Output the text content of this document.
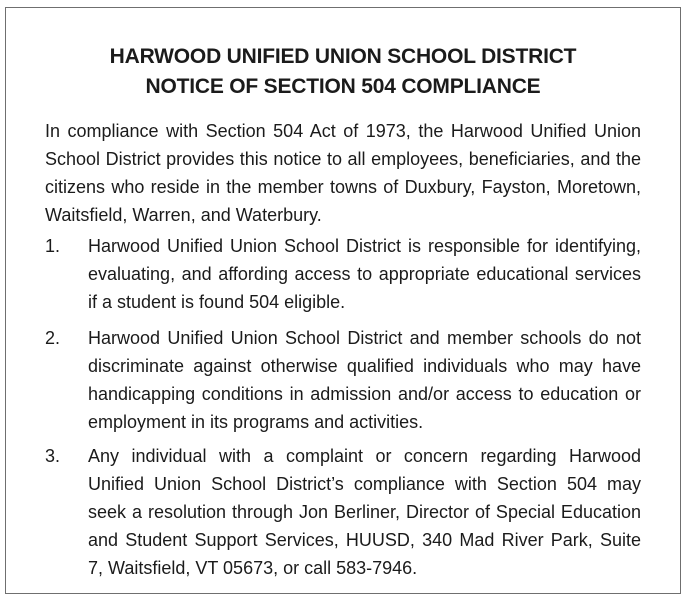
HARWOOD UNIFIED UNION SCHOOL DISTRICT
NOTICE OF SECTION 504 COMPLIANCE

In compliance with Section 504 Act of 1973, the Harwood Unified Union School District provides this notice to all employees, beneficiaries, and the citizens who reside in the member towns of Duxbury, Fayston, Moretown, Waitsfield, Warren, and Waterbury.

1. Harwood Unified Union School District is responsible for identifying, evaluating, and affording access to appropriate educational services if a student is found 504 eligible.

2. Harwood Unified Union School District and member schools do not discriminate against otherwise qualified individuals who may have handicapping conditions in admission and/or access to education or employment in its programs and activities.

3. Any individual with a complaint or concern regarding Harwood Unified Union School District’s compliance with Section 504 may seek a resolution through Jon Berliner, Director of Special Education and Student Support Services, HUUSD, 340 Mad River Park, Suite 7, Waitsfield, VT 05673, or call 583-7946.
